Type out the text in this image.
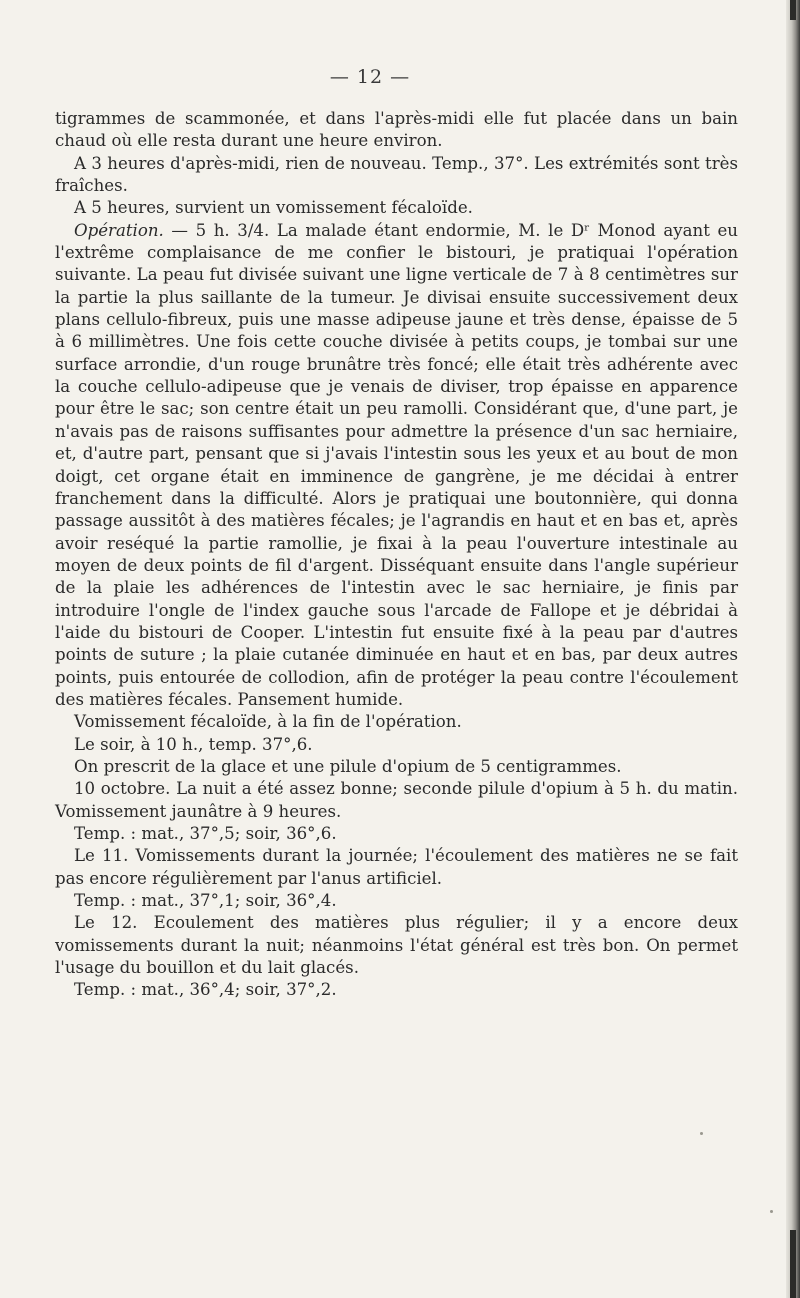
— 12 —

tigrammes de scammonée, et dans l'après-midi elle fut placée dans un bain chaud où elle resta durant une heure environ.

A 3 heures d'après-midi, rien de nouveau. Temp., 37°. Les extrémités sont très fraîches.

A 5 heures, survient un vomissement fécaloïde.

Opération. — 5 h. 3/4. La malade étant endormie, M. le Dʳ Monod ayant eu l'extrême complaisance de me confier le bistouri, je pratiquai l'opération suivante. La peau fut divisée suivant une ligne verticale de 7 à 8 centimètres sur la partie la plus saillante de la tumeur. Je divisai ensuite successivement deux plans cellulo-fibreux, puis une masse adipeuse jaune et très dense, épaisse de 5 à 6 millimètres. Une fois cette couche divisée à petits coups, je tombai sur une surface arrondie, d'un rouge brunâtre très foncé; elle était très adhérente avec la couche cellulo-adipeuse que je venais de diviser, trop épaisse en apparence pour être le sac; son centre était un peu ramolli. Considérant que, d'une part, je n'avais pas de raisons suffisantes pour admettre la présence d'un sac herniaire, et, d'autre part, pensant que si j'avais l'intestin sous les yeux et au bout de mon doigt, cet organe était en imminence de gangrène, je me décidai à entrer franchement dans la difficulté. Alors je pratiquai une boutonnière, qui donna passage aussitôt à des matières fécales; je l'agrandis en haut et en bas et, après avoir reséqué la partie ramollie, je fixai à la peau l'ouverture intestinale au moyen de deux points de fil d'argent. Disséquant ensuite dans l'angle supérieur de la plaie les adhérences de l'intestin avec le sac herniaire, je finis par introduire l'ongle de l'index gauche sous l'arcade de Fallope et je débridai à l'aide du bistouri de Cooper. L'intestin fut ensuite fixé à la peau par d'autres points de suture ; la plaie cutanée diminuée en haut et en bas, par deux autres points, puis entourée de collodion, afin de protéger la peau contre l'écoulement des matières fécales. Pansement humide.

Vomissement fécaloïde, à la fin de l'opération.

Le soir, à 10 h., temp. 37°,6.

On prescrit de la glace et une pilule d'opium de 5 centigrammes.

10 octobre. La nuit a été assez bonne; seconde pilule d'opium à 5 h. du matin. Vomissement jaunâtre à 9 heures.

Temp. : mat., 37°,5; soir, 36°,6.

Le 11. Vomissements durant la journée; l'écoulement des matières ne se fait pas encore régulièrement par l'anus artificiel.

Temp. : mat., 37°,1; soir, 36°,4.

Le 12. Ecoulement des matières plus régulier; il y a encore deux vomissements durant la nuit; néanmoins l'état général est très bon. On permet l'usage du bouillon et du lait glacés.

Temp. : mat., 36°,4; soir, 37°,2.
